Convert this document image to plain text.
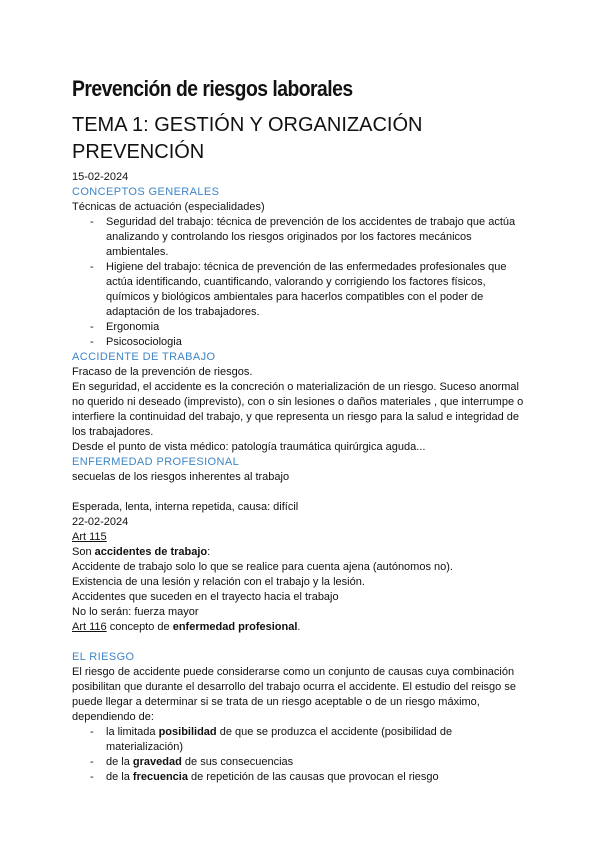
Prevención de riesgos laborales
TEMA 1: GESTIÓN Y ORGANIZACIÓN PREVENCIÓN

15-02-2024

CONCEPTOS GENERALES

Técnicas de actuación (especialidades)

- Seguridad del trabajo: técnica de prevención de los accidentes de trabajo que actúa analizando y controlando los riesgos originados por los factores mecánicos ambientales.
- Higiene del trabajo: técnica de prevención de las enfermedades profesionales que actúa identificando, cuantificando, valorando y corrigiendo los factores físicos, químicos y biológicos ambientales para hacerlos compatibles con el poder de adaptación de los trabajadores.
- Ergonomia
- Psicosociologia

ACCIDENTE DE TRABAJO

Fracaso de la prevención de riesgos.

En seguridad, el accidente es la concreción o materialización de un riesgo. Suceso anormal no querido ni deseado (imprevisto), con o sin lesiones o daños materiales , que interrumpe o interfiere la continuidad del trabajo, y que representa un riesgo para la salud e integridad de los trabajadores.

Desde el punto de vista médico: patología traumática quirúrgica aguda...

ENFERMEDAD PROFESIONAL

secuelas de los riesgos inherentes al trabajo

Esperada, lenta, interna repetida, causa: difícil

22-02-2024

Art 115

Son accidentes de trabajo:

Accidente de trabajo solo lo que se realice para cuenta ajena (autónomos no).

Existencia de una lesión y relación con el trabajo y la lesión.

Accidentes que suceden en el trayecto hacia el trabajo

No lo serán: fuerza mayor

Art 116 concepto de enfermedad profesional.

EL RIESGO

El riesgo de accidente puede considerarse como un conjunto de causas cuya combinación posibilitan que durante el desarrollo del trabajo ocurra el accidente. El estudio del reisgo se puede llegar a determinar si se trata de un riesgo aceptable o de un riesgo máximo, dependiendo de:

- la limitada posibilidad de que se produzca el accidente (posibilidad de materialización)
- de la gravedad de sus consecuencias
- de la frecuencia de repetición de las causas que provocan el riesgo
